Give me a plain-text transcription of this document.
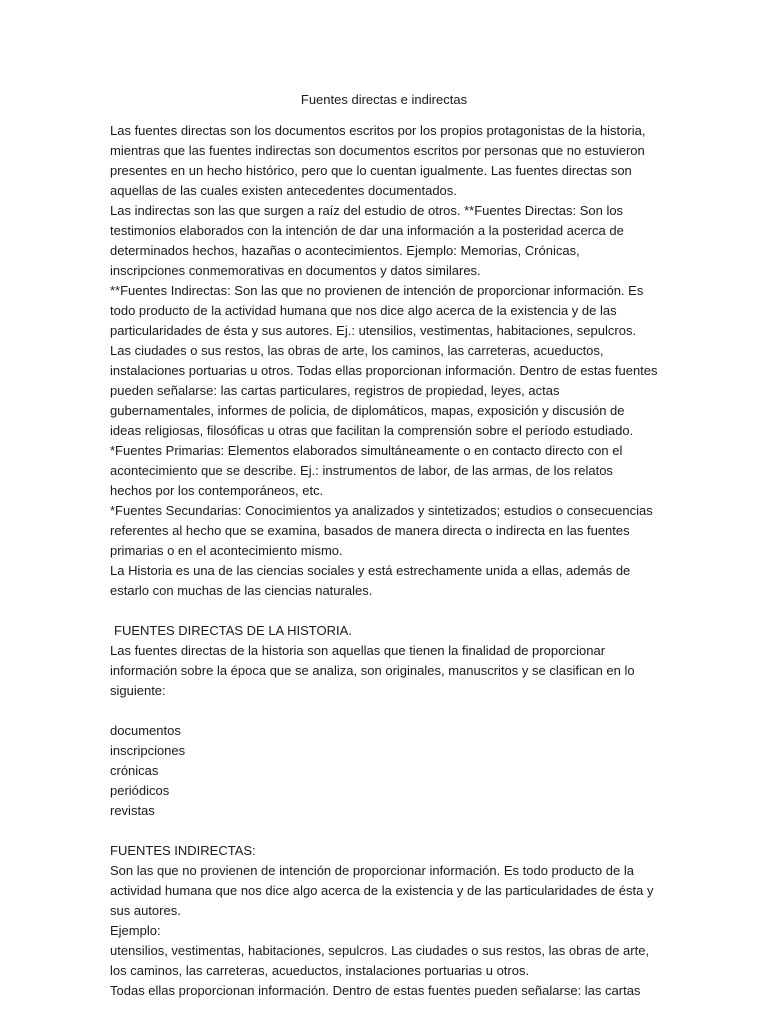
Fuentes directas e indirectas

Las fuentes directas son los documentos escritos por los propios protagonistas de la historia, mientras que las fuentes indirectas son documentos escritos por personas que no estuvieron presentes en un hecho histórico, pero que lo cuentan igualmente. Las fuentes directas son aquellas de las cuales existen antecedentes documentados.

Las indirectas son las que surgen a raíz del estudio de otros. **Fuentes Directas: Son los testimonios elaborados con la intención de dar una información a la posteridad acerca de determinados hechos, hazañas o acontecimientos. Ejemplo: Memorias, Crónicas, inscripciones conmemorativas en documentos y datos similares.

**Fuentes Indirectas: Son las que no provienen de intención de proporcionar información. Es todo producto de la actividad humana que nos dice algo acerca de la existencia y de las particularidades de ésta y sus autores. Ej.: utensilios, vestimentas, habitaciones, sepulcros. Las ciudades o sus restos, las obras de arte, los caminos, las carreteras, acueductos, instalaciones portuarias u otros. Todas ellas proporcionan información. Dentro de estas fuentes pueden señalarse: las cartas particulares, registros de propiedad, leyes, actas gubernamentales, informes de policia, de diplomáticos, mapas, exposición y discusión de ideas religiosas, filosóficas u otras que facilitan la comprensión sobre el período estudiado.

*Fuentes Primarias: Elementos elaborados simultáneamente o en contacto directo con el acontecimiento que se describe. Ej.: instrumentos de labor, de las armas, de los relatos hechos por los contemporáneos, etc.

*Fuentes Secundarias: Conocimientos ya analizados y sintetizados; estudios o consecuencias referentes al hecho que se examina, basados de manera directa o indirecta en las fuentes primarias o en el acontecimiento mismo.

La Historia es una de las ciencias sociales y está estrechamente unida a ellas, además de estarlo con muchas de las ciencias naturales.

FUENTES DIRECTAS DE LA HISTORIA.

Las fuentes directas de la historia son aquellas que tienen la finalidad de proporcionar información sobre la época que se analiza, son originales, manuscritos y se clasifican en lo siguiente:

documentos
inscripciones
crónicas
periódicos
revistas

FUENTES INDIRECTAS:

Son las que no provienen de intención de proporcionar información. Es todo producto de la actividad humana que nos dice algo acerca de la existencia y de las particularidades de ésta y sus autores.

Ejemplo:

utensilios, vestimentas, habitaciones, sepulcros. Las ciudades o sus restos, las obras de arte, los caminos, las carreteras, acueductos, instalaciones portuarias u otros.

Todas ellas proporcionan información. Dentro de estas fuentes pueden señalarse: las cartas
